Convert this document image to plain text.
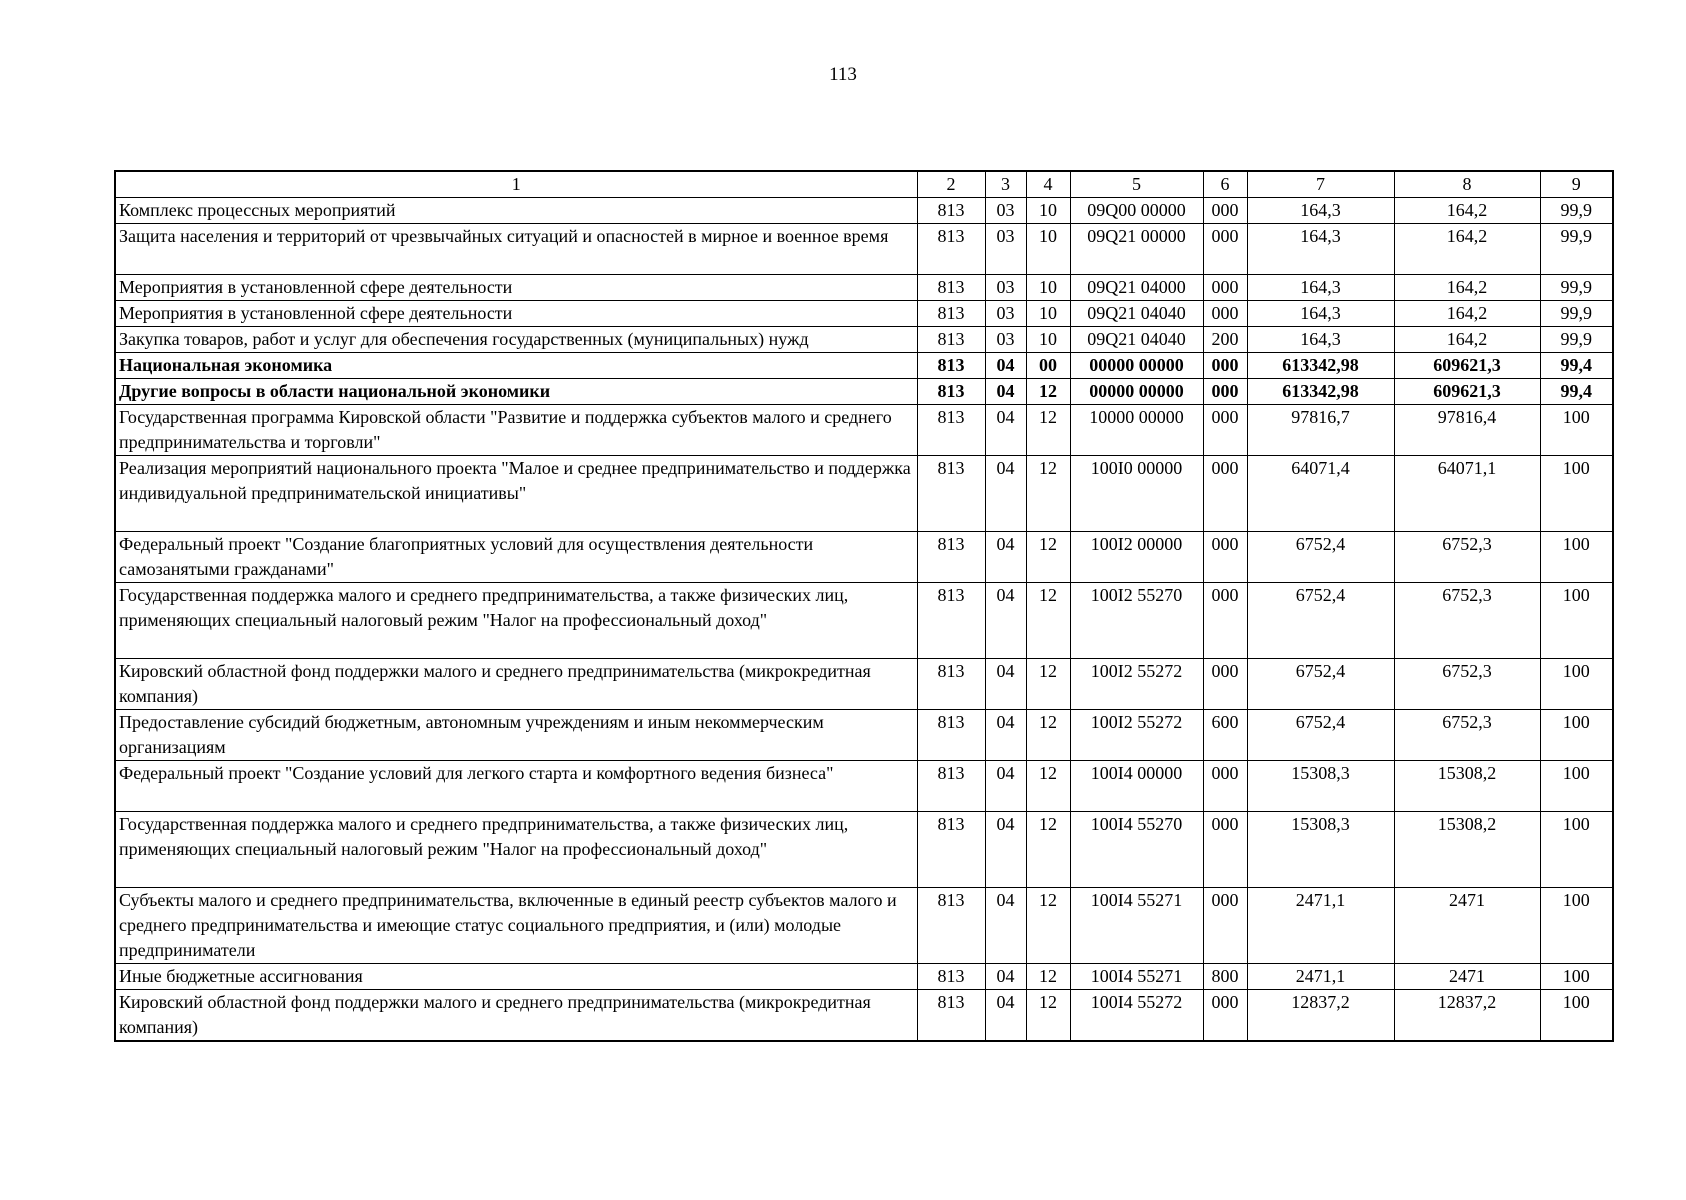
113
1	2	3	4	5	6	7	8	9
Комплекс процессных мероприятий	813	03	10	09Q00 00000	000	164,3	164,2	99,9
Защита населения и территорий от чрезвычайных ситуаций и опасностей в мирное и военное время	813	03	10	09Q21 00000	000	164,3	164,2	99,9
Мероприятия в установленной сфере деятельности	813	03	10	09Q21 04000	000	164,3	164,2	99,9
Мероприятия в установленной сфере деятельности	813	03	10	09Q21 04040	000	164,3	164,2	99,9
Закупка товаров, работ и услуг для обеспечения государственных (муниципальных) нужд	813	03	10	09Q21 04040	200	164,3	164,2	99,9
Национальная экономика	813	04	00	00000 00000	000	613342,98	609621,3	99,4
Другие вопросы в области национальной экономики	813	04	12	00000 00000	000	613342,98	609621,3	99,4
Государственная программа Кировской области "Развитие и поддержка субъектов малого и среднего предпринимательства и торговли"	813	04	12	10000 00000	000	97816,7	97816,4	100
Реализация мероприятий национального проекта "Малое и среднее предпринимательство и поддержка индивидуальной предпринимательской инициативы"	813	04	12	100I0 00000	000	64071,4	64071,1	100
Федеральный проект "Создание благоприятных условий для осуществления деятельности самозанятыми гражданами"	813	04	12	100I2 00000	000	6752,4	6752,3	100
Государственная поддержка малого и среднего предпринимательства, а также физических лиц, применяющих специальный налоговый режим "Налог на профессиональный доход"	813	04	12	100I2 55270	000	6752,4	6752,3	100
Кировский областной фонд поддержки малого и среднего предпринимательства (микрокредитная компания)	813	04	12	100I2 55272	000	6752,4	6752,3	100
Предоставление субсидий бюджетным, автономным учреждениям и иным некоммерческим организациям	813	04	12	100I2 55272	600	6752,4	6752,3	100
Федеральный проект "Создание условий для легкого старта и комфортного ведения бизнеса"	813	04	12	100I4 00000	000	15308,3	15308,2	100
Государственная поддержка малого и среднего предпринимательства, а также физических лиц, применяющих специальный налоговый режим "Налог на профессиональный доход"	813	04	12	100I4 55270	000	15308,3	15308,2	100
Субъекты малого и среднего предпринимательства, включенные в единый реестр субъектов малого и среднего предпринимательства и имеющие статус социального предприятия, и (или) молодые предприниматели	813	04	12	100I4 55271	000	2471,1	2471	100
Иные бюджетные ассигнования	813	04	12	100I4 55271	800	2471,1	2471	100
Кировский областной фонд поддержки малого и среднего предпринимательства (микрокредитная компания)	813	04	12	100I4 55272	000	12837,2	12837,2	100
